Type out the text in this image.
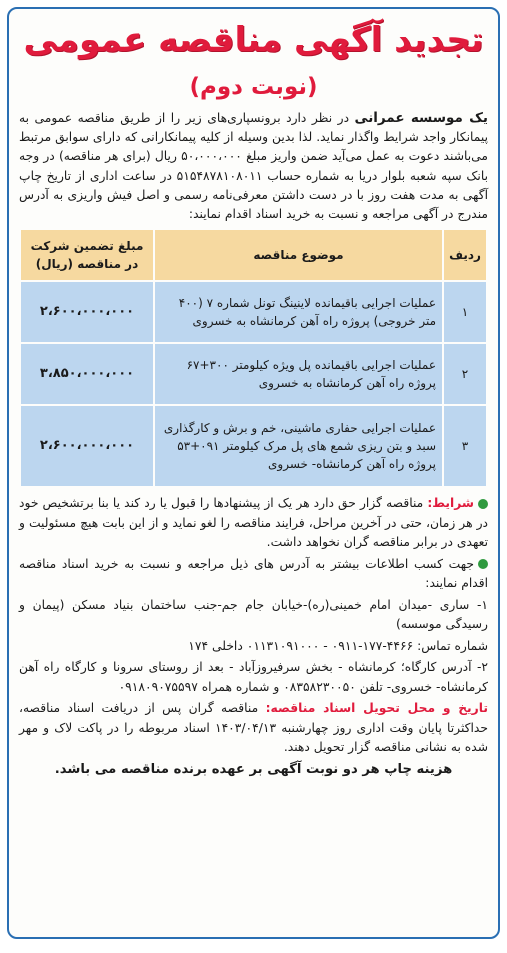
تجدید آگهی مناقصه عمومی
(نوبت دوم)
یک موسسه عمرانی در نظر دارد برونسپاری‌های زیر را از طریق مناقصه عمومی به پیمانکار واجد شرایط واگذار نماید. لذا بدین وسیله از کلیه پیمانکارانی که دارای سوابق مرتبط می‌باشند دعوت به عمل می‌آید ضمن واریز مبلغ ۵۰،۰۰۰،۰۰۰ ریال (برای هر مناقصه) در وجه بانک سپه شعبه بلوار دریا به شماره حساب ۵۱۵۴۸۷۸۱۰۸۰۱۱ در ساعت اداری از تاریخ چاپ آگهی به مدت هفت روز با در دست داشتن معرفی‌نامه رسمی و اصل فیش واریزی به آدرس مندرج در آگهی مراجعه و نسبت به خرید اسناد اقدام نمایند:
ردیف	موضوع مناقصه	مبلغ تضمین شرکت در مناقصه (ریال)
۱	عملیات اجرایی باقیمانده لاینینگ تونل شماره ۷ (۴۰۰ متر خروجی) پروژه راه آهن کرمانشاه به خسروی	۲،۶۰۰،۰۰۰،۰۰۰
۲	عملیات اجرایی باقیمانده پل ویژه کیلومتر ۳۰۰+۶۷ پروژه راه آهن کرمانشاه به خسروی	۳،۸۵۰،۰۰۰،۰۰۰
۳	عملیات اجرایی حفاری ماشینی، خم و برش و کارگذاری سبد و بتن ریزی شمع های پل مرک کیلومتر ۰۹۱+۵۳ پروژه راه آهن کرمانشاه- خسروی	۲،۶۰۰،۰۰۰،۰۰۰
شرایط: مناقصه گزار حق دارد هر یک از پیشنهادها را قبول یا رد کند یا بنا برتشخیص خود در هر زمان، حتی در آخرین مراحل، فرایند مناقصه را لغو نماید و از این بابت هیچ مسئولیت و تعهدی در برابر مناقصه گران نخواهد داشت.
جهت کسب اطلاعات بیشتر به آدرس های ذیل مراجعه و نسبت به خرید اسناد مناقصه اقدام نمایند:
۱- ساری -میدان امام خمینی(ره)-خیابان جام جم-جنب ساختمان بنیاد مسکن (پیمان و رسیدگی موسسه)
شماره تماس: ۴۴۶۶-۱۷۷-۰۹۱۱ - ۰۱۱۳۱۰۹۱۰۰۰ داخلی ۱۷۴
۲- آدرس کارگاه؛ کرمانشاه - بخش سرفیروزآباد - بعد از روستای سرونا و کارگاه راه آهن کرمانشاه- خسروی- تلفن ۰۸۳۵۸۲۳۰۰۵۰ و شماره همراه ۰۹۱۸۰۹۰۷۵۵۹۷
تاریخ و محل تحویل اسناد مناقصه: مناقصه گران پس از دریافت اسناد مناقصه، حداکثرتا پایان وقت اداری روز چهارشنبه ۱۴۰۳/۰۴/۱۳ اسناد مربوطه را در پاکت لاک و مهر شده به نشانی مناقصه گزار تحویل دهند.
هزینه چاپ هر دو نوبت آگهی بر عهده برنده مناقصه می باشد.
